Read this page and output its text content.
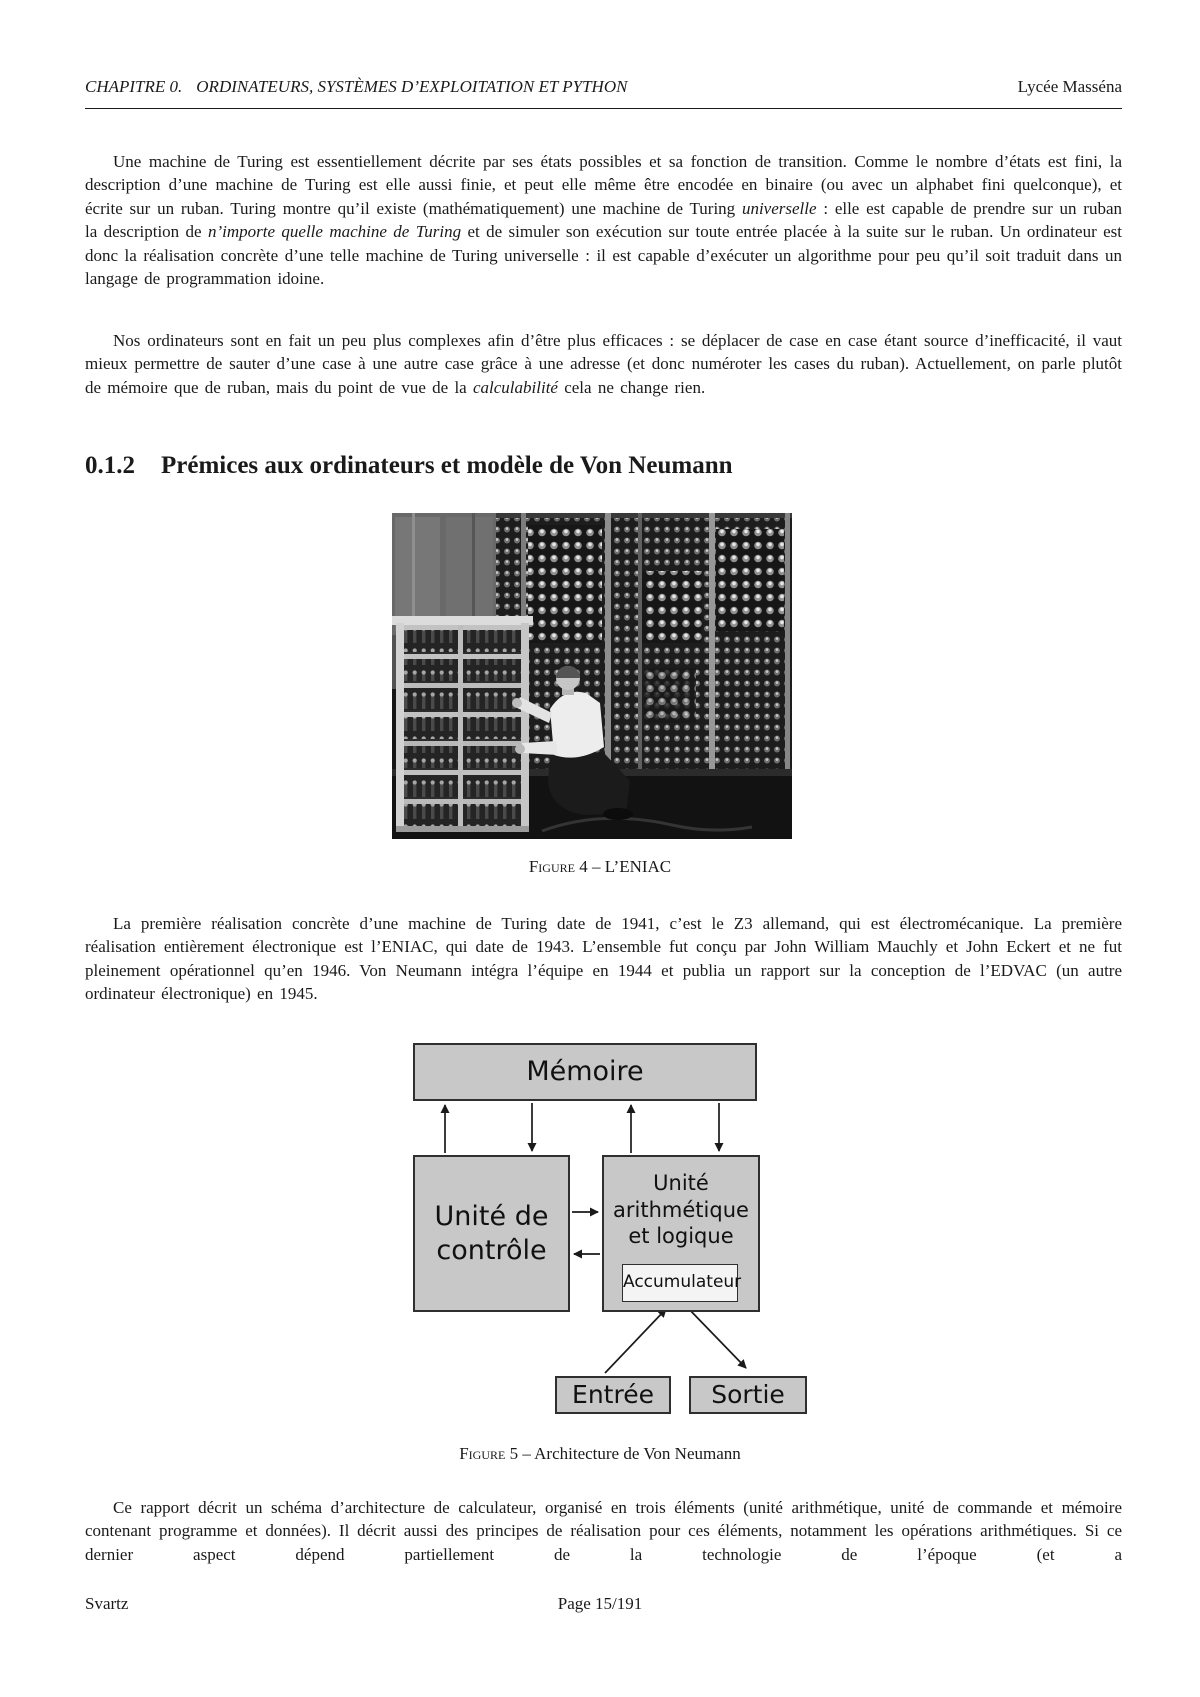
CHAPITRE 0. ORDINATEURS, SYSTÈMES D’EXPLOITATION ET PYTHON	Lycée Masséna

Une machine de Turing est essentiellement décrite par ses états possibles et sa fonction de transition. Comme le nombre d’états est fini, la description d’une machine de Turing est elle aussi finie, et peut elle même être encodée en binaire (ou avec un alphabet fini quelconque), et écrite sur un ruban. Turing montre qu’il existe (mathématiquement) une machine de Turing universelle : elle est capable de prendre sur un ruban la description de n’importe quelle machine de Turing et de simuler son exécution sur toute entrée placée à la suite sur le ruban. Un ordinateur est donc la réalisation concrète d’une telle machine de Turing universelle : il est capable d’exécuter un algorithme pour peu qu’il soit traduit dans un langage de programmation idoine.

Nos ordinateurs sont en fait un peu plus complexes afin d’être plus efficaces : se déplacer de case en case étant source d’inefficacité, il vaut mieux permettre de sauter d’une case à une autre case grâce à une adresse (et donc numéroter les cases du ruban). Actuellement, on parle plutôt de mémoire que de ruban, mais du point de vue de la calculabilité cela ne change rien.

0.1.2 Prémices aux ordinateurs et modèle de Von Neumann
Figure 4 – L’ENIAC

La première réalisation concrète d’une machine de Turing date de 1941, c’est le Z3 allemand, qui est électromécanique. La première réalisation entièrement électronique est l’ENIAC, qui date de 1943. L’ensemble fut conçu par John William Mauchly et John Eckert et ne fut pleinement opérationnel qu’en 1946. Von Neumann intégra l’équipe en 1944 et publia un rapport sur la conception de l’EDVAC (un autre ordinateur électronique) en 1945.

Mémoire
Unité de
contrôle
Unité
arithmétique
et logique
Accumulateur
Entrée	Sortie
Figure 5 – Architecture de Von Neumann

Ce rapport décrit un schéma d’architecture de calculateur, organisé en trois éléments (unité arithmétique, unité de commande et mémoire contenant programme et données). Il décrit aussi des principes de réalisation pour ces éléments, notamment les opérations arithmétiques. Si ce dernier aspect dépend partiellement de la technologie de l’époque (et a

Svartz	Page 15/191
